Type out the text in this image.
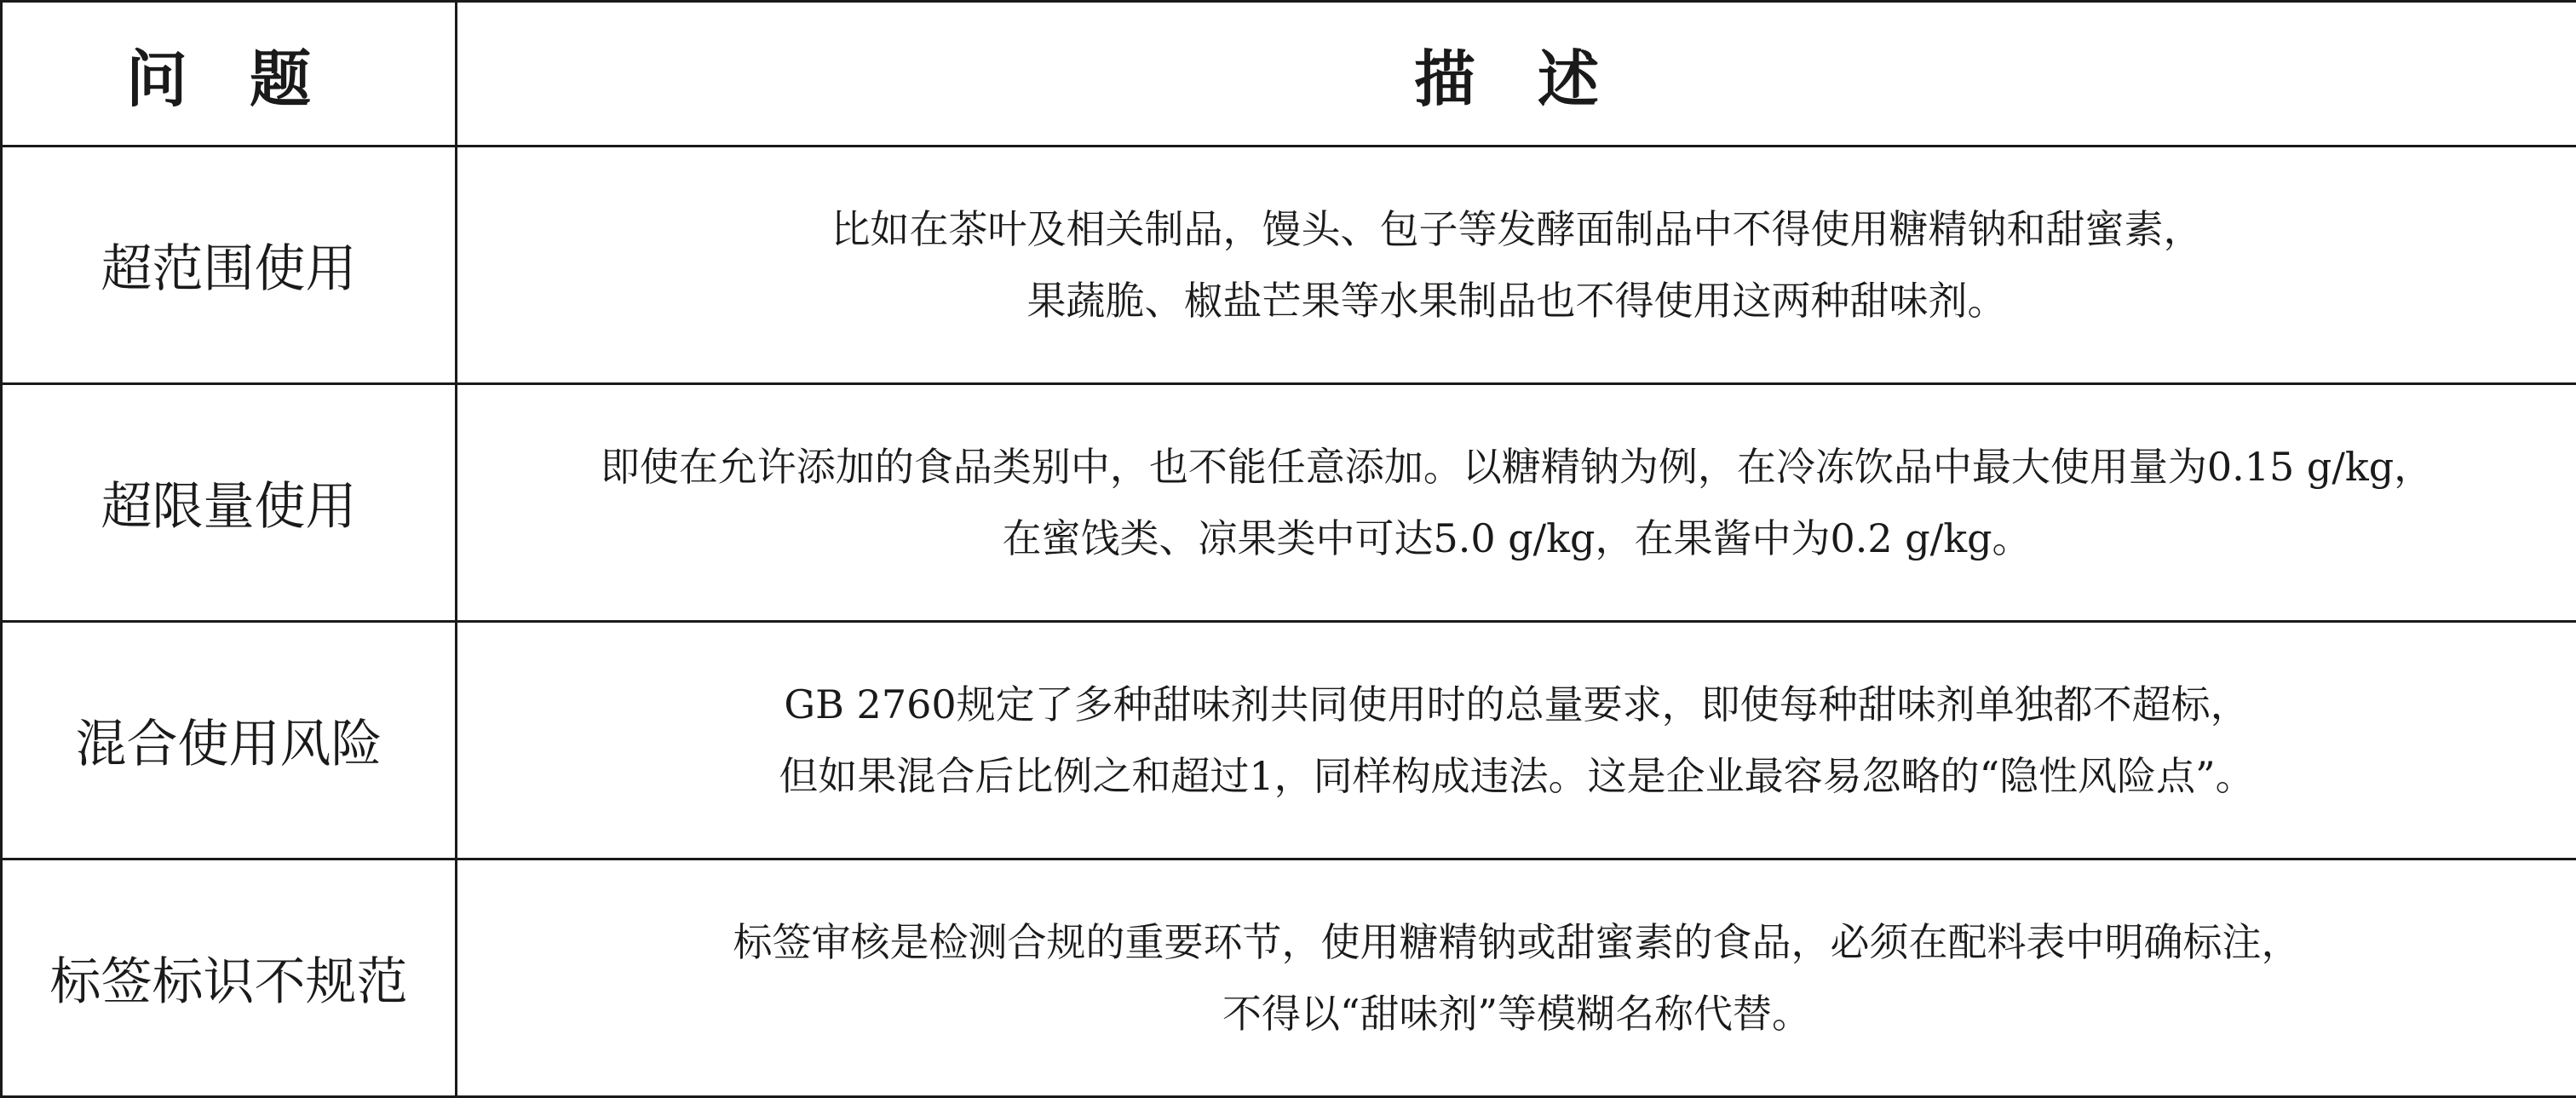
问 题	描 述
超范围使用	比如在茶叶及相关制品，馒头、包子等发酵面制品中不得使用糖精钠和甜蜜素，
果蔬脆、椒盐芒果等水果制品也不得使用这两种甜味剂。

超限量使用	即使在允许添加的食品类别中，也不能任意添加。以糖精钠为例，在冷冻饮品中最大使用量为0.15 g/kg，
在蜜饯类、凉果类中可达5.0 g/kg，在果酱中为0.2 g/kg。

混合使用风险	GB 2760规定了多种甜味剂共同使用时的总量要求，即使每种甜味剂单独都不超标，
但如果混合后比例之和超过1，同样构成违法。这是企业最容易忽略的“隐性风险点”。

标签标识不规范	标签审核是检测合规的重要环节，使用糖精钠或甜蜜素的食品，必须在配料表中明确标注，
不得以“甜味剂”等模糊名称代替。
